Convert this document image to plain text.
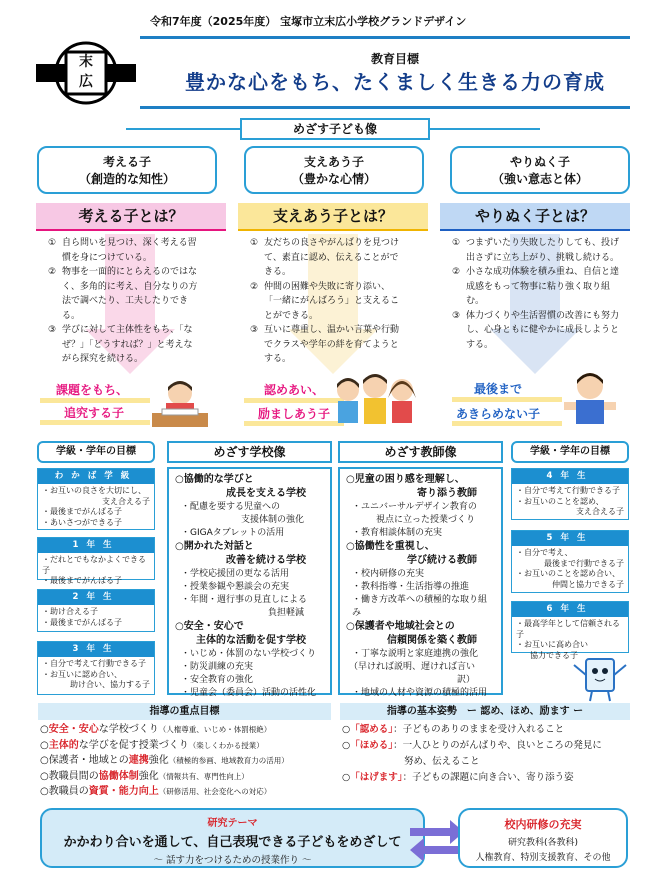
令和7年度（2025年度） 宝塚市立末広小学校グランドデザイン
末
広
教育目標
豊かな心をもち、たくましく生きる力の育成
めざす子ども像
考える子
（創造的な知性）
支えあう子
（豊かな心情）
やりぬく子
（強い意志と体）
考える子とは？	支えあう子とは？	やりぬく子とは？
① 自ら問いを見つけ、深く考える習慣を身につけている。
② 物事を一面的にとらえるのではなく、多角的に考え、自分なりの方法で調べたり、工夫したりできる。
③ 学びに対して主体性をもち、「なぜ？」「どうすれば？」と考えながら探究を続ける。
① 友だちの良さやがんばりを見つけて、素直に認め、伝えることができる。
② 仲間の困難や失敗に寄り添い、「一緒にがんばろう」と支えることができる。
③ 互いに尊重し、温かい言葉や行動でクラスや学年の絆を育てようとする。
① つまずいたり失敗したりしても、投げ出さずに立ち上がり、挑戦し続ける。
② 小さな成功体験を積み重ね、自信と達成感をもって物事に粘り強く取り組む。
③ 体力づくりや生活習慣の改善にも努力し、心身ともに健やかに成長しようとする。
課題をもち、
追究する子
認めあい、
励ましあう子
最後まで
あきらめない子
学級・学年の目標
わかば学級
・お互いの良さを大切にし、
支え合える子
・最後までがんばる子
・あいさつができる子
1年生
・だれとでもなかよくできる子
・最後までがんばる子
2年生
・助け合える子
・最後までがんばる子
3年生
・自分で考えて行動できる子
・お互いに認め合い、
助け合い、協力する子
めざす学校像
○協働的な学びと
成長を支える学校
・配慮を要する児童への
支援体制の強化
・GIGAタブレットの活用
○開かれた対話と
改善を続ける学校
・学校応援団の更なる活用
・授業参観や懇談会の充実
・年間・週行事の見直しによる
負担軽減
○安全・安心で
主体的な活動を促す学校
・いじめ・体罰のない学校づくり
・防災訓練の充実
・安全教育の強化
・児童会（委員会）活動の活性化
めざす教師像
○児童の困り感を理解し、
寄り添う教師
・ユニバーサルデザイン教育の
視点に立った授業づくり
・教育相談体制の充実
○協働性を重視し、
学び続ける教師
・校内研修の充実
・教科指導・生活指導の推進
・働き方改革への積極的な取り組み
○保護者や地域社会との
信頼関係を築く教師
・丁寧な説明と家庭連携の強化
（早ければ説明、遅ければ言い訳）
・地域の人材や資源の積極的活用
学級・学年の目標
4年生
・自分で考えて行動できる子
・お互いのことを認め、
支え合える子
5年生
・自分で考え、
最後まで行動できる子
・お互いのことを認め合い、
仲間と協力できる子
6年生
・最高学年として信頼される子
・お互いに高め合い
協力できる子
指導の重点目標
○安全・安心な学校づくり（人権尊重、いじめ・体罰根絶）
○主体的な学びを促す授業づくり（楽しくわかる授業）
○保護者・地域との連携強化（積極的参画、地域教育力の活用）
○教職員間の協働体制強化（情報共有、専門性向上）
○教職員の資質・能力向上（研修活用、社会変化への対応）
指導の基本姿勢　ー 認め、ほめ、励ます ー
○「認める」：子どものありのままを受け入れること
○「ほめる」：一人ひとりのがんばりや、良いところの発見に
努め、伝えること
○「はげます」：子どもの課題に向き合い、寄り添う姿
研究テーマ
かかわり合いを通して、自己表現できる子どもをめざして
～ 話す力をつけるための授業作り ～
校内研修の充実
研究教科(各教科)
人権教育、特別支援教育、その他
